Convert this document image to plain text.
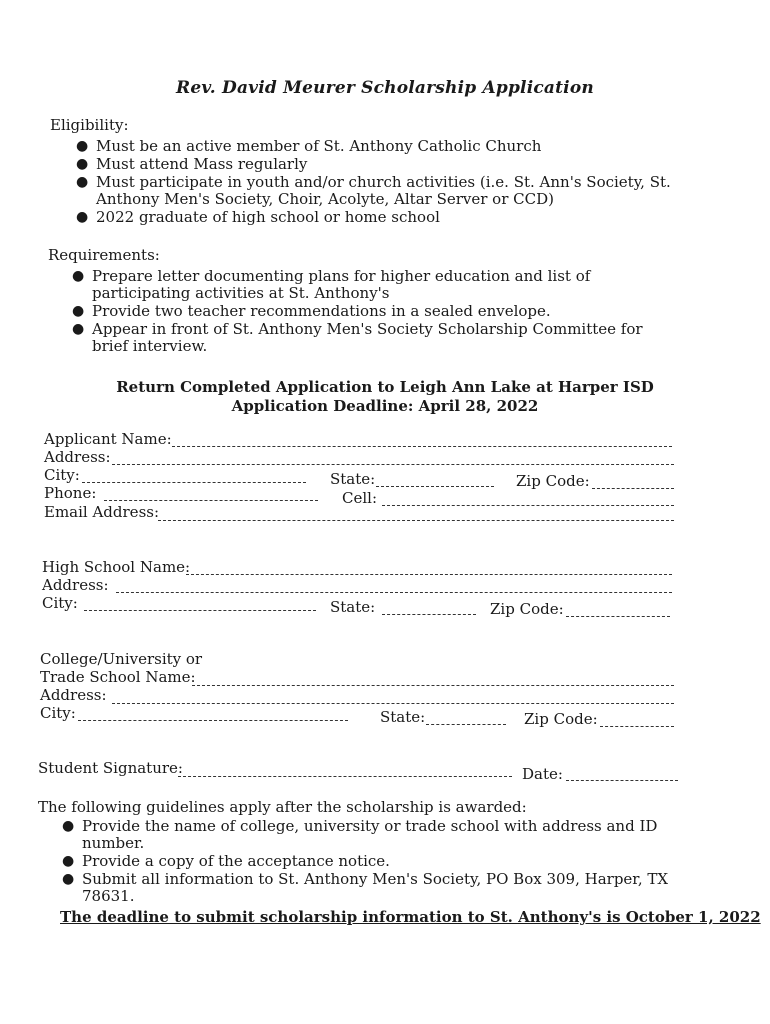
Rev. David Meurer Scholarship Application
Eligibility:
● Must be an active member of St. Anthony Catholic Church
● Must attend Mass regularly
● Must participate in youth and/or church activities (i.e. St. Ann's Society, St. Anthony Men's Society, Choir, Acolyte, Altar Server or CCD)
● 2022 graduate of high school or home school
Requirements:
● Prepare letter documenting plans for higher education and list of participating activities at St. Anthony's
● Provide two teacher recommendations in a sealed envelope.
● Appear in front of St. Anthony Men's Society Scholarship Committee for brief interview.
Return Completed Application to Leigh Ann Lake at Harper ISD
Application Deadline: April 28, 2022
Applicant Name:
Address:
City:	State:	Zip Code:
Phone:	Cell:
Email Address:
High School Name:
Address:
City:	State:	Zip Code:
College/University or
Trade School Name:
Address:
City:	State:	Zip Code:
Student Signature:	Date:
The following guidelines apply after the scholarship is awarded:
● Provide the name of college, university or trade school with address and ID number.
● Provide a copy of the acceptance notice.
● Submit all information to St. Anthony Men's Society, PO Box 309, Harper, TX 78631.
The deadline to submit scholarship information to St. Anthony's is October 1, 2022
